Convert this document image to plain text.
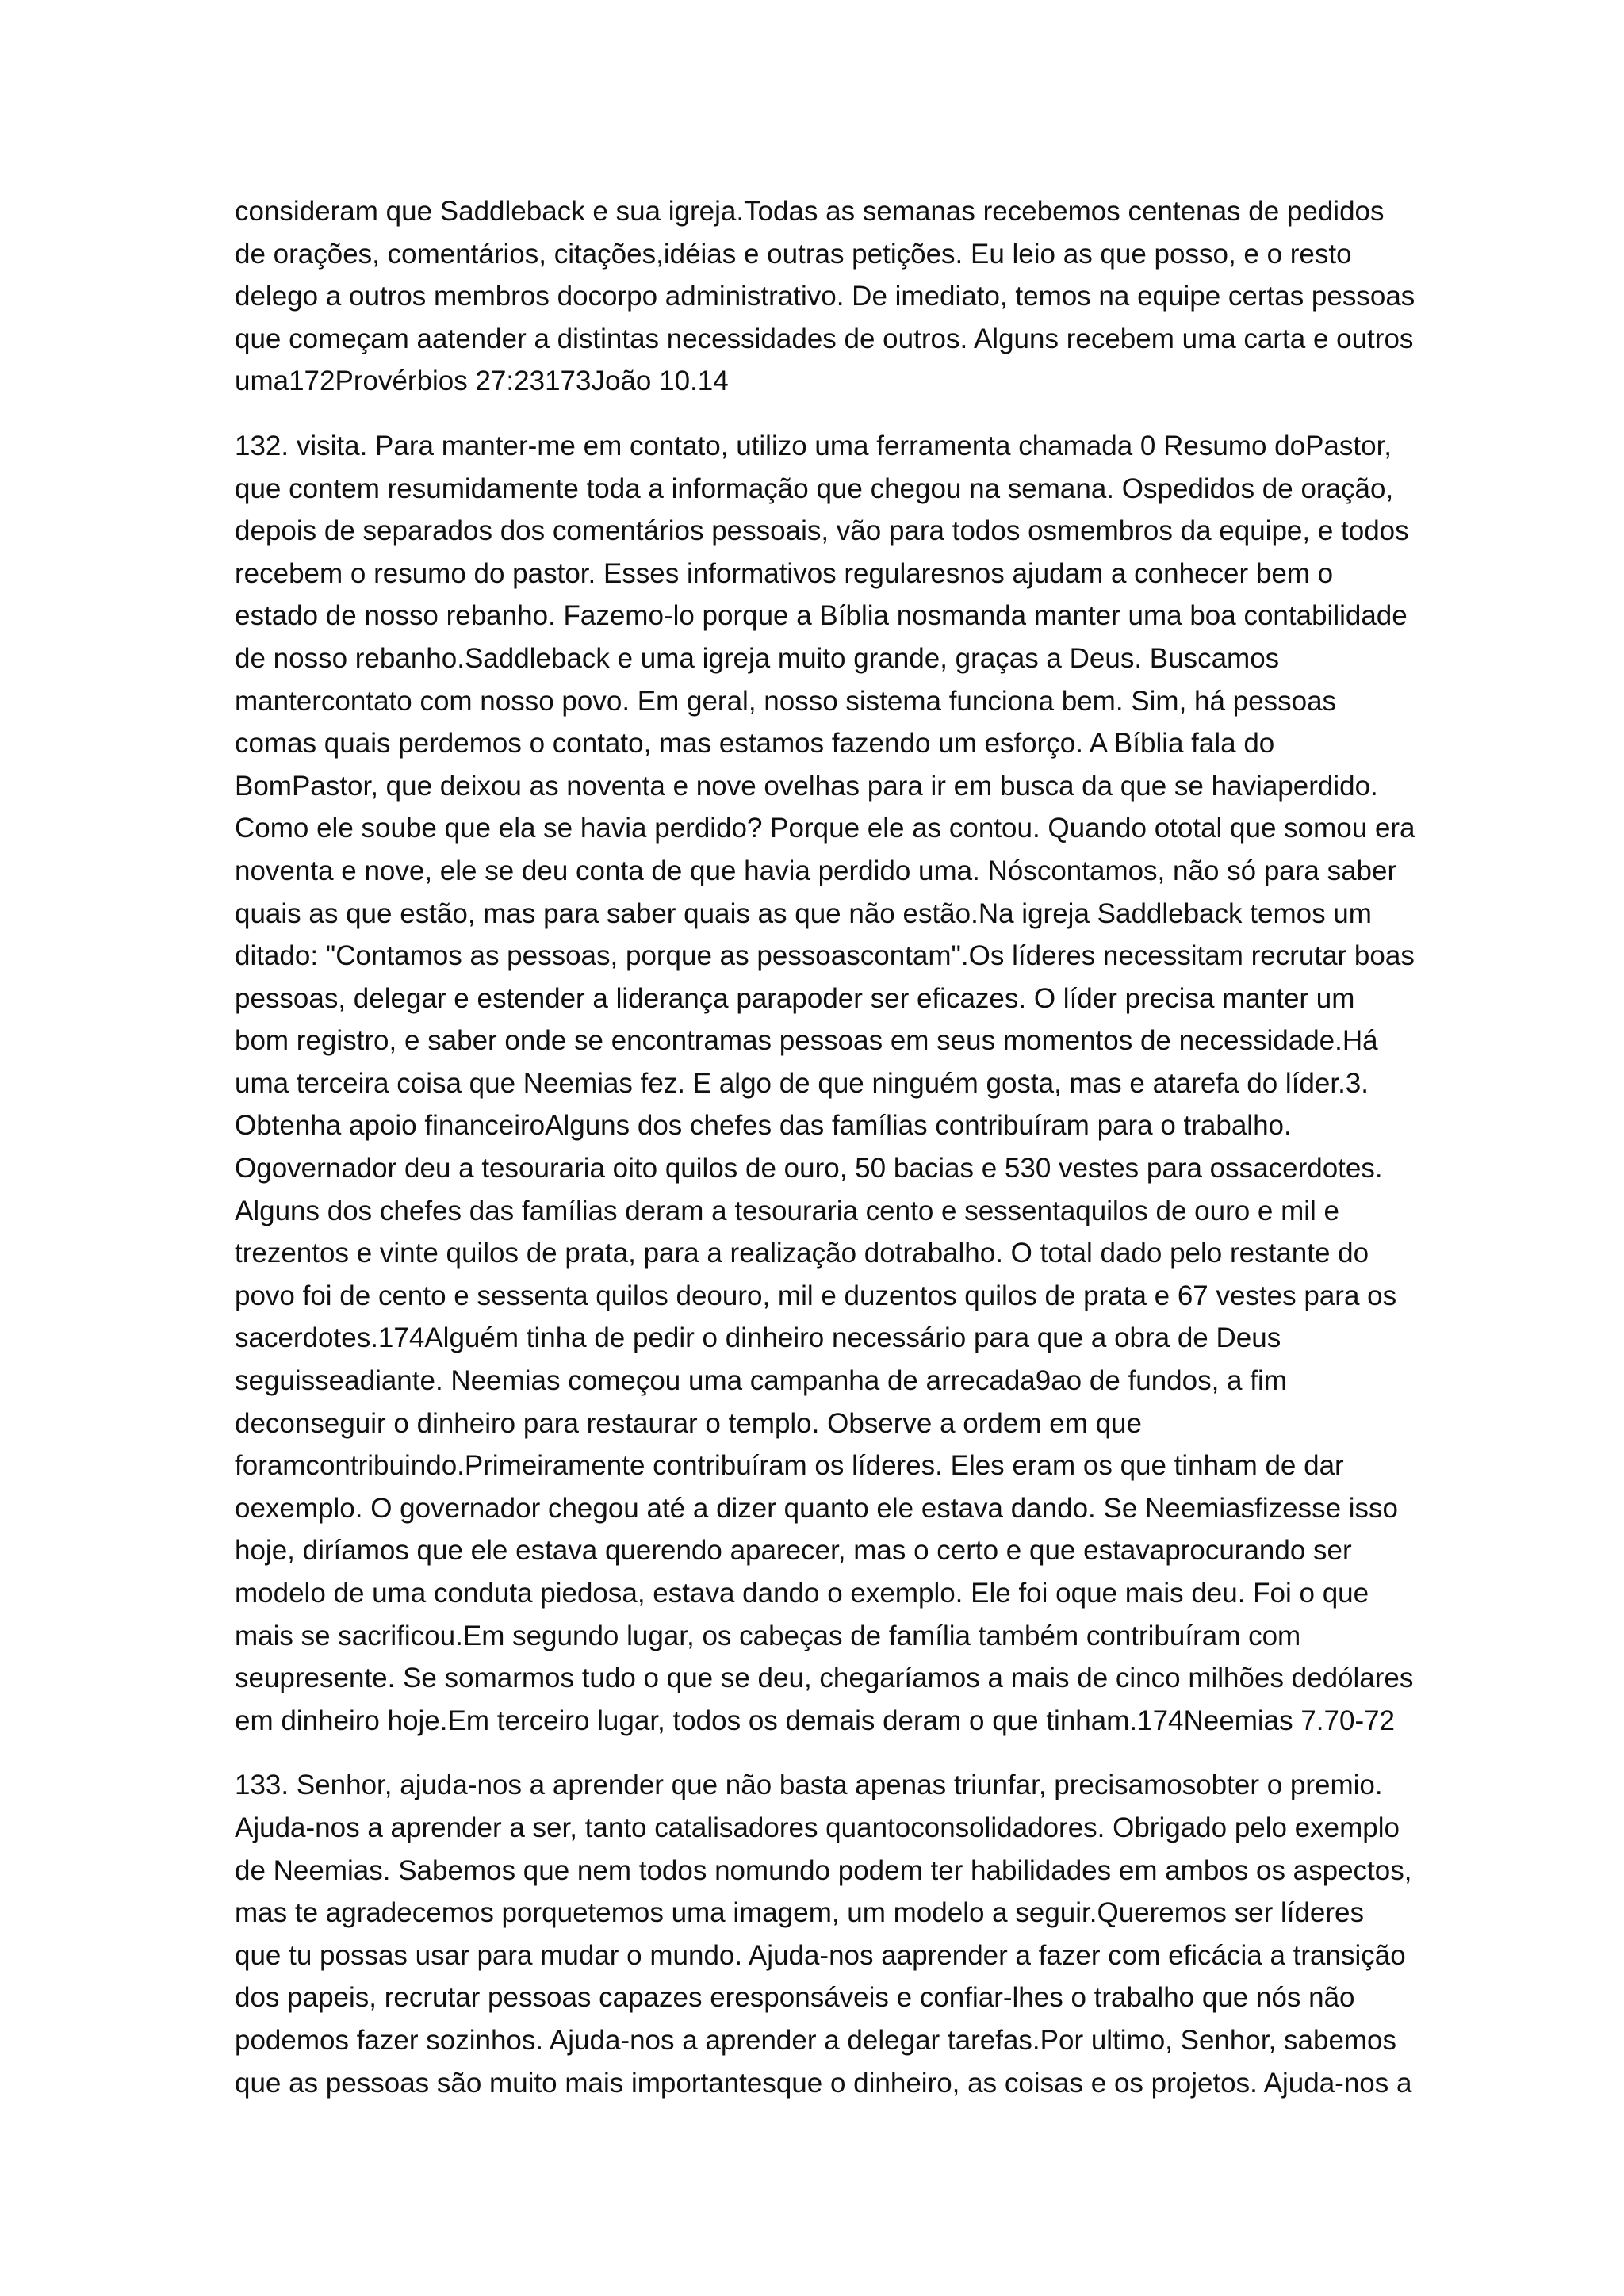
consideram que Saddleback e sua igreja.Todas as semanas recebemos centenas de pedidos de orações, comentários, citações,idéias e outras petições. Eu leio as que posso, e o resto delego a outros membros docorpo administrativo. De imediato, temos na equipe certas pessoas que começam aatender a distintas necessidades de outros. Alguns recebem uma carta e outros uma172Provérbios 27:23173João 10.14

132. visita. Para manter-me em contato, utilizo uma ferramenta chamada 0 Resumo doPastor, que contem resumidamente toda a informação que chegou na semana. Ospedidos de oração, depois de separados dos comentários pessoais, vão para todos osmembros da equipe, e todos recebem o resumo do pastor. Esses informativos regularesnos ajudam a conhecer bem o estado de nosso rebanho. Fazemo-lo porque a Bíblia nosmanda manter uma boa contabilidade de nosso rebanho.Saddleback e uma igreja muito grande, graças a Deus. Buscamos mantercontato com nosso povo. Em geral, nosso sistema funciona bem. Sim, há pessoas comas quais perdemos o contato, mas estamos fazendo um esforço. A Bíblia fala do BomPastor, que deixou as noventa e nove ovelhas para ir em busca da que se haviaperdido. Como ele soube que ela se havia perdido? Porque ele as contou. Quando ototal que somou era noventa e nove, ele se deu conta de que havia perdido uma. Nóscontamos, não só para saber quais as que estão, mas para saber quais as que não estão.Na igreja Saddleback temos um ditado: "Contamos as pessoas, porque as pessoascontam".Os líderes necessitam recrutar boas pessoas, delegar e estender a liderança parapoder ser eficazes. O líder precisa manter um bom registro, e saber onde se encontramas pessoas em seus momentos de necessidade.Há uma terceira coisa que Neemias fez. E algo de que ninguém gosta, mas e atarefa do líder.3. Obtenha apoio financeiroAlguns dos chefes das famílias contribuíram para o trabalho. Ogovernador deu a tesouraria oito quilos de ouro, 50 bacias e 530 vestes para ossacerdotes. Alguns dos chefes das famílias deram a tesouraria cento e sessentaquilos de ouro e mil e trezentos e vinte quilos de prata, para a realização dotrabalho. O total dado pelo restante do povo foi de cento e sessenta quilos deouro, mil e duzentos quilos de prata e 67 vestes para os sacerdotes.174Alguém tinha de pedir o dinheiro necessário para que a obra de Deus seguisseadiante. Neemias começou uma campanha de arrecada9ao de fundos, a fim deconseguir o dinheiro para restaurar o templo. Observe a ordem em que foramcontribuindo.Primeiramente contribuíram os líderes. Eles eram os que tinham de dar oexemplo. O governador chegou até a dizer quanto ele estava dando. Se Neemiasfizesse isso hoje, diríamos que ele estava querendo aparecer, mas o certo e que estavaprocurando ser modelo de uma conduta piedosa, estava dando o exemplo. Ele foi oque mais deu. Foi o que mais se sacrificou.Em segundo lugar, os cabeças de família também contribuíram com seupresente. Se somarmos tudo o que se deu, chegaríamos a mais de cinco milhões dedólares em dinheiro hoje.Em terceiro lugar, todos os demais deram o que tinham.174Neemias 7.70-72

133. Senhor, ajuda-nos a aprender que não basta apenas triunfar, precisamosobter o premio. Ajuda-nos a aprender a ser, tanto catalisadores quantoconsolidadores. Obrigado pelo exemplo de Neemias. Sabemos que nem todos nomundo podem ter habilidades em ambos os aspectos, mas te agradecemos porquetemos uma imagem, um modelo a seguir.Queremos ser líderes que tu possas usar para mudar o mundo. Ajuda-nos aaprender a fazer com eficácia a transição dos papeis, recrutar pessoas capazes eresponsáveis e confiar-lhes o trabalho que nós não podemos fazer sozinhos. Ajuda-nos a aprender a delegar tarefas.Por ultimo, Senhor, sabemos que as pessoas são muito mais importantesque o dinheiro, as coisas e os projetos. Ajuda-nos a
